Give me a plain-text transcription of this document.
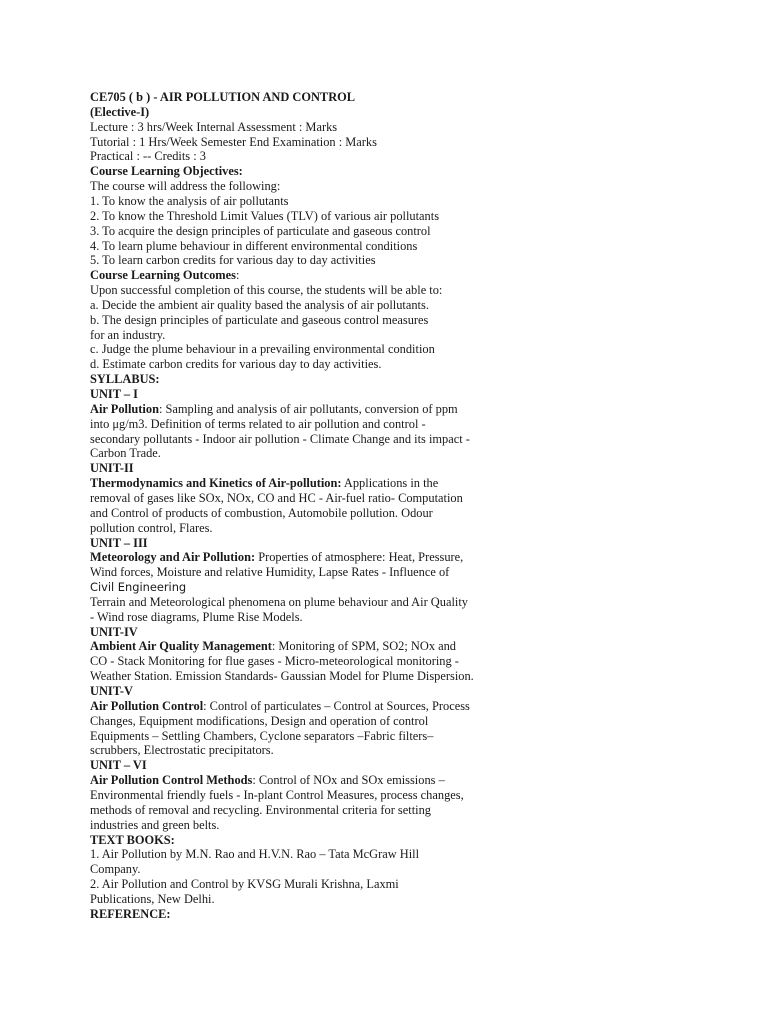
CE705 ( b ) - AIR POLLUTION AND CONTROL
(Elective-I)
Lecture : 3 hrs/Week Internal Assessment : Marks
Tutorial : 1 Hrs/Week Semester End Examination : Marks
Practical : -- Credits : 3
Course Learning Objectives:
The course will address the following:
1. To know the analysis of air pollutants
2. To know the Threshold Limit Values (TLV) of various air pollutants
3. To acquire the design principles of particulate and gaseous control
4. To learn plume behaviour in different environmental conditions
5. To learn carbon credits for various day to day activities
Course Learning Outcomes:
Upon successful completion of this course, the students will be able to:
a. Decide the ambient air quality based the analysis of air pollutants.
b. The design principles of particulate and gaseous control measures
for an industry.
c. Judge the plume behaviour in a prevailing environmental condition
d. Estimate carbon credits for various day to day activities.
SYLLABUS:
UNIT – I
Air Pollution: Sampling and analysis of air pollutants, conversion of ppm
into μg/m3. Definition of terms related to air pollution and control -
secondary pollutants - Indoor air pollution - Climate Change and its impact -
Carbon Trade.
UNIT-II
Thermodynamics and Kinetics of Air-pollution: Applications in the
removal of gases like SOx, NOx, CO and HC - Air-fuel ratio- Computation
and Control of products of combustion, Automobile pollution. Odour
pollution control, Flares.
UNIT – III
Meteorology and Air Pollution: Properties of atmosphere: Heat, Pressure,
Wind forces, Moisture and relative Humidity, Lapse Rates - Influence of
Civil Engineering
Terrain and Meteorological phenomena on plume behaviour and Air Quality
- Wind rose diagrams, Plume Rise Models.
UNIT-IV
Ambient Air Quality Management: Monitoring of SPM, SO2; NOx and
CO - Stack Monitoring for flue gases - Micro-meteorological monitoring -
Weather Station. Emission Standards- Gaussian Model for Plume Dispersion.
UNIT-V
Air Pollution Control: Control of particulates – Control at Sources, Process
Changes, Equipment modifications, Design and operation of control
Equipments – Settling Chambers, Cyclone separators –Fabric filters–
scrubbers, Electrostatic precipitators.
UNIT – VI
Air Pollution Control Methods: Control of NOx and SOx emissions –
Environmental friendly fuels - In-plant Control Measures, process changes,
methods of removal and recycling. Environmental criteria for setting
industries and green belts.
TEXT BOOKS:
1. Air Pollution by M.N. Rao and H.V.N. Rao – Tata McGraw Hill
Company.
2. Air Pollution and Control by KVSG Murali Krishna, Laxmi
Publications, New Delhi.
REFERENCE:
